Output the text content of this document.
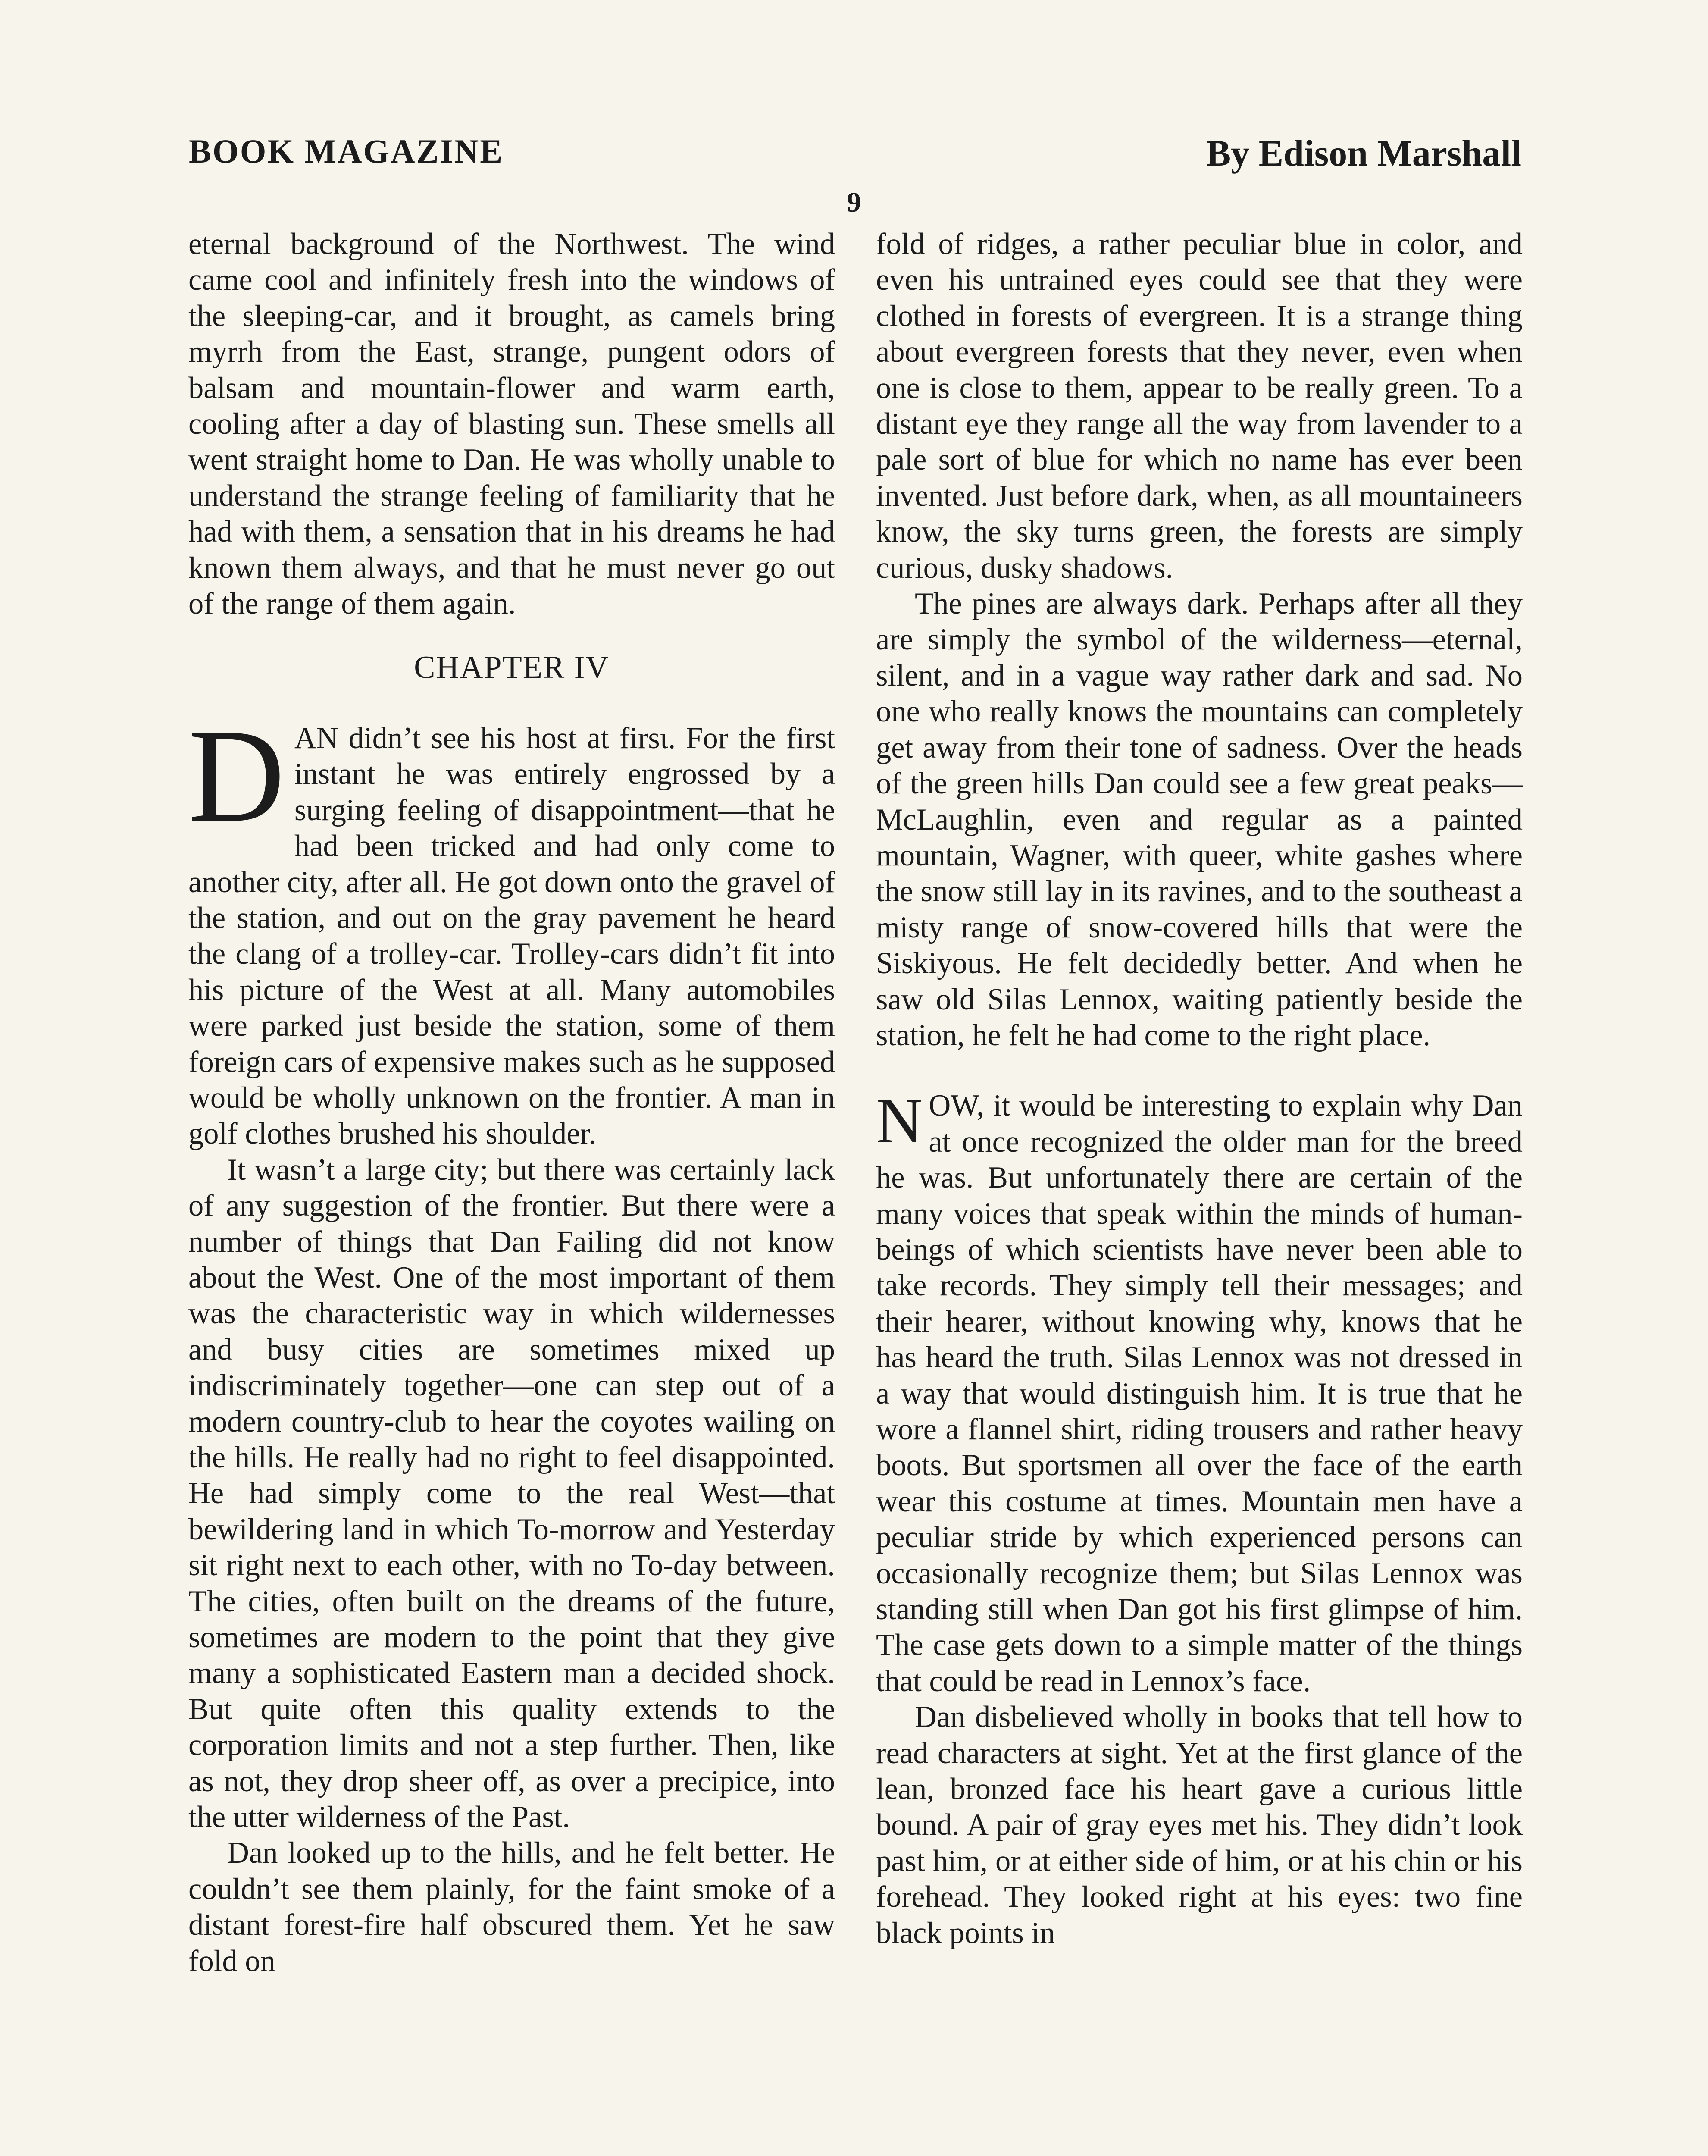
BOOK MAGAZINE	By Edison Marshall
9

eternal background of the Northwest. The wind came cool and infinitely fresh into the windows of the sleeping-car, and it brought, as camels bring myrrh from the East, strange, pungent odors of balsam and mountain-flower and warm earth, cooling after a day of blasting sun. These smells all went straight home to Dan. He was wholly unable to understand the strange feeling of familiarity that he had with them, a sensation that in his dreams he had known them always, and that he must never go out of the range of them again.

CHAPTER IV

DAN didn’t see his host at firsι. For the first instant he was entirely engrossed by a surging feeling of disappointment—that he had been tricked and had only come to another city, after all. He got down onto the gravel of the station, and out on the gray pavement he heard the clang of a trolley-car. Trolley-cars didn’t fit into his picture of the West at all. Many automobiles were parked just beside the station, some of them foreign cars of expensive makes such as he supposed would be wholly unknown on the frontier. A man in golf clothes brushed his shoulder.

It wasn’t a large city; but there was certainly lack of any suggestion of the frontier. But there were a number of things that Dan Failing did not know about the West. One of the most important of them was the characteristic way in which wildernesses and busy cities are sometimes mixed up indiscriminately together—one can step out of a modern country-club to hear the coyotes wailing on the hills. He really had no right to feel disappointed. He had simply come to the real West—that bewildering land in which To-morrow and Yesterday sit right next to each other, with no To-day between. The cities, often built on the dreams of the future, sometimes are modern to the point that they give many a sophisticated Eastern man a decided shock. But quite often this quality extends to the corporation limits and not a step further. Then, like as not, they drop sheer off, as over a precipice, into the utter wilderness of the Past.

Dan looked up to the hills, and he felt better. He couldn’t see them plainly, for the faint smoke of a distant forest-fire half obscured them. Yet he saw fold on

fold of ridges, a rather peculiar blue in color, and even his untrained eyes could see that they were clothed in forests of evergreen. It is a strange thing about evergreen forests that they never, even when one is close to them, appear to be really green. To a distant eye they range all the way from lavender to a pale sort of blue for which no name has ever been invented. Just before dark, when, as all mountaineers know, the sky turns green, the forests are simply curious, dusky shadows.

The pines are always dark. Perhaps after all they are simply the symbol of the wilderness—eternal, silent, and in a vague way rather dark and sad. No one who really knows the mountains can completely get away from their tone of sadness. Over the heads of the green hills Dan could see a few great peaks—McLaughlin, even and regular as a painted mountain, Wagner, with queer, white gashes where the snow still lay in its ravines, and to the southeast a misty range of snow-covered hills that were the Siskiyous. He felt decidedly better. And when he saw old Silas Lennox, waiting patiently beside the station, he felt he had come to the right place.

NOW, it would be interesting to explain why Dan at once recognized the older man for the breed he was. But unfortunately there are certain of the many voices that speak within the minds of human-beings of which scientists have never been able to take records. They simply tell their messages; and their hearer, without knowing why, knows that he has heard the truth. Silas Lennox was not dressed in a way that would distinguish him. It is true that he wore a flannel shirt, riding trousers and rather heavy boots. But sportsmen all over the face of the earth wear this costume at times. Mountain men have a peculiar stride by which experienced persons can occasionally recognize them; but Silas Lennox was standing still when Dan got his first glimpse of him. The case gets down to a simple matter of the things that could be read in Lennox’s face.

Dan disbelieved wholly in books that tell how to read characters at sight. Yet at the first glance of the lean, bronzed face his heart gave a curious little bound. A pair of gray eyes met his. They didn’t look past him, or at either side of him, or at his chin or his forehead. They looked right at his eyes: two fine black points in
